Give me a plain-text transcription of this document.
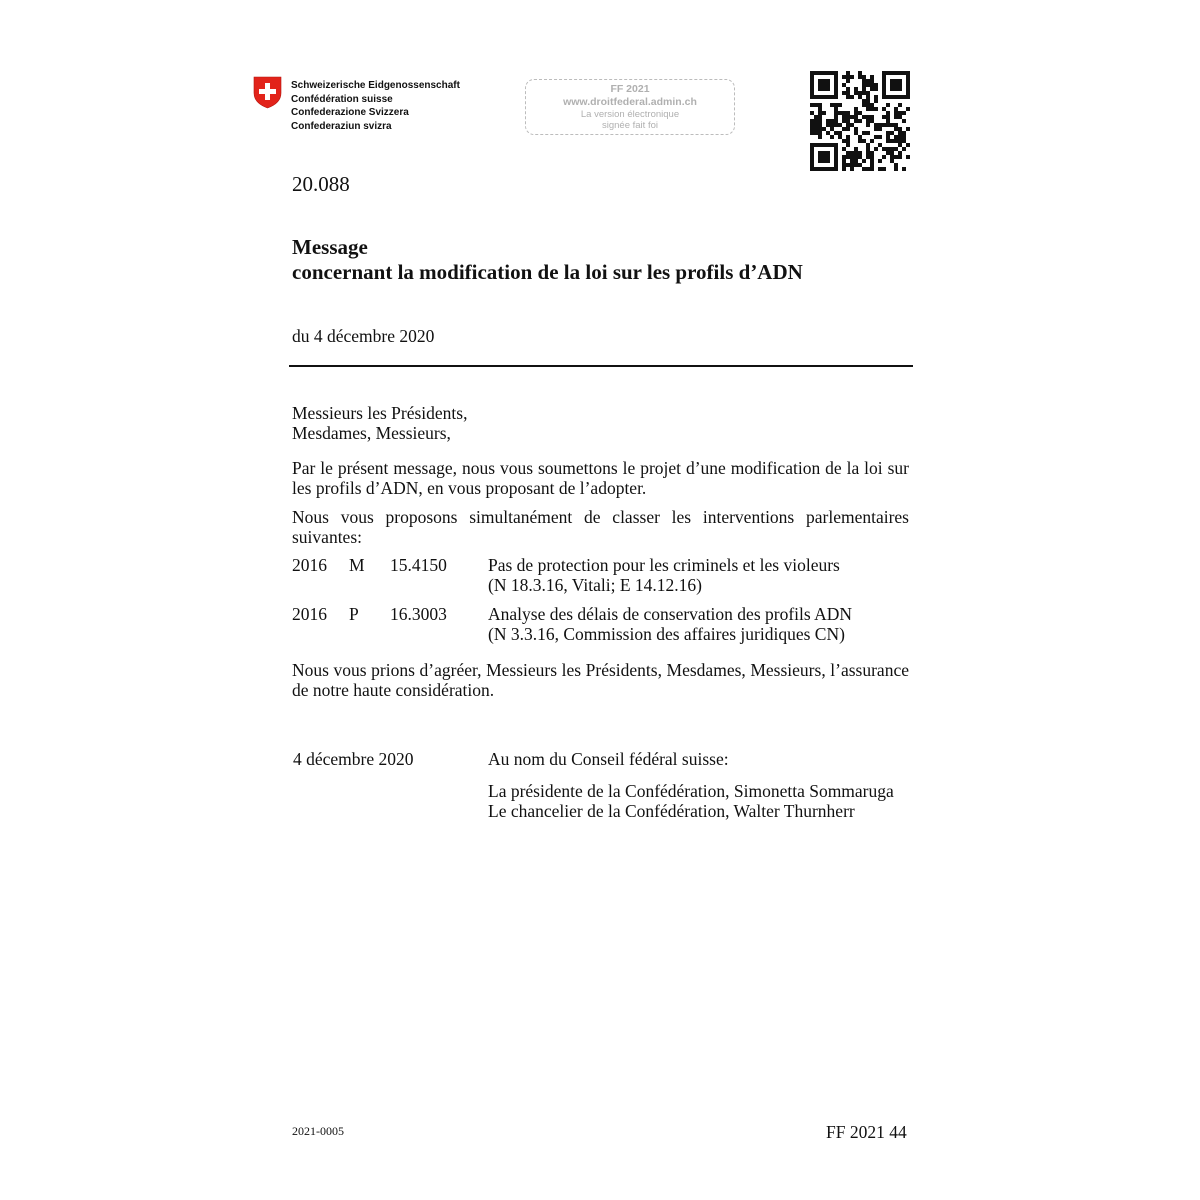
Schweizerische Eidgenossenschaft
Confédération suisse
Confederazione Svizzera
Confederaziun svizra
FF 2021
www.droitfederal.admin.ch
La version électronique
signée fait foi
20.088
Message
concernant la modification de la loi sur les profils d’ADN
du 4 décembre 2020
Messieurs les Présidents,
Mesdames, Messieurs,
Par le présent message, nous vous soumettons le projet d’une modification de la loi sur les profils d’ADN, en vous proposant de l’adopter.
Nous vous proposons simultanément de classer les interventions parlementaires suivantes:
2016 M 15.4150 Pas de protection pour les criminels et les violeurs
(N 18.3.16, Vitali; E 14.12.16)
2016 P 16.3003 Analyse des délais de conservation des profils ADN
(N 3.3.16, Commission des affaires juridiques CN)
Nous vous prions d’agréer, Messieurs les Présidents, Mesdames, Messieurs, l’assurance de notre haute considération.
4 décembre 2020	Au nom du Conseil fédéral suisse:
La présidente de la Confédération, Simonetta Sommaruga
Le chancelier de la Confédération, Walter Thurnherr
2021-0005	FF 2021 44
